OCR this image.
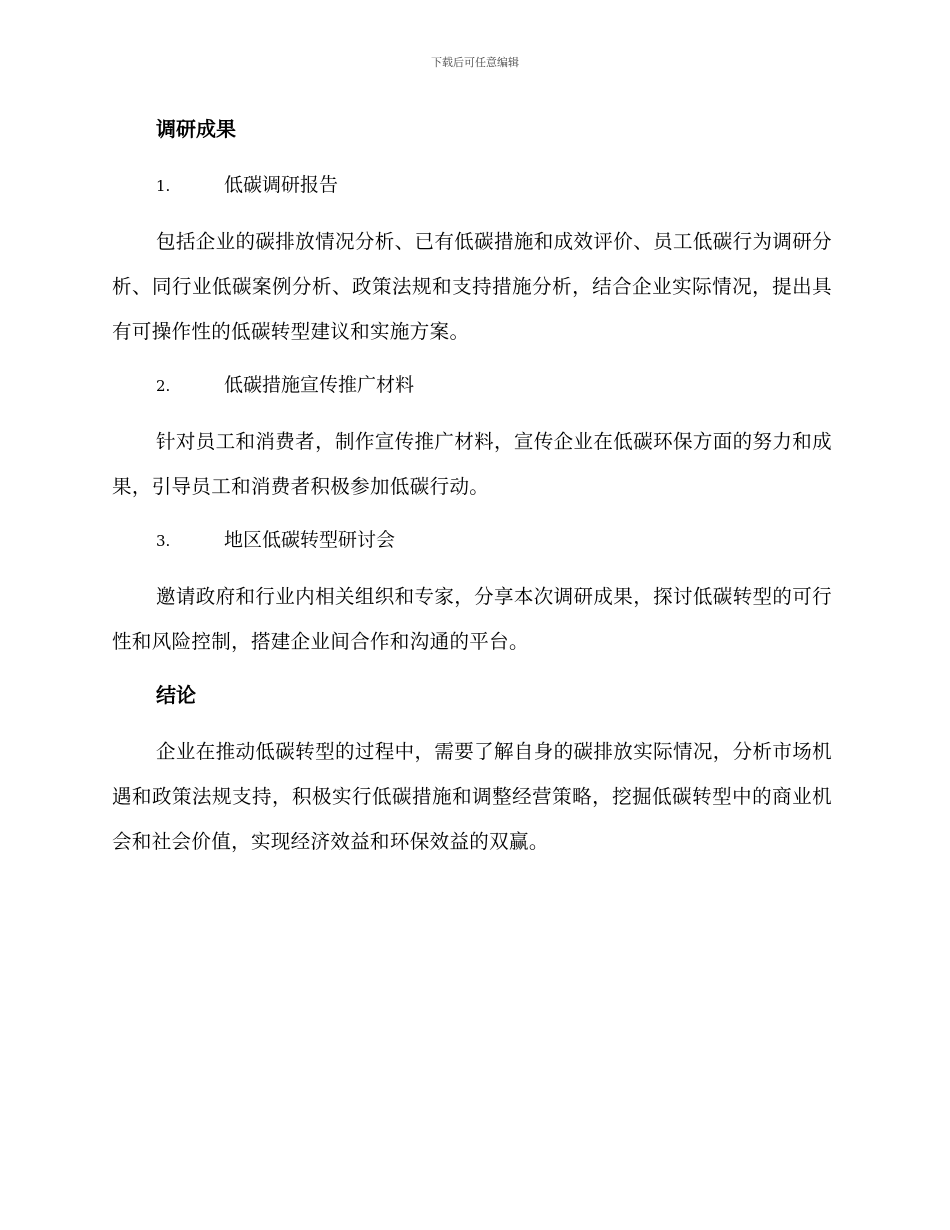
下载后可任意编辑
调研成果
1.	低碳调研报告

包括企业的碳排放情况分析、已有低碳措施和成效评价、员工低碳行为调研分析、同行业低碳案例分析、政策法规和支持措施分析，结合企业实际情况，提出具有可操作性的低碳转型建议和实施方案。

2.	低碳措施宣传推广材料

针对员工和消费者，制作宣传推广材料，宣传企业在低碳环保方面的努力和成果，引导员工和消费者积极参加低碳行动。

3.	地区低碳转型研讨会

邀请政府和行业内相关组织和专家，分享本次调研成果，探讨低碳转型的可行性和风险控制，搭建企业间合作和沟通的平台。

结论

企业在推动低碳转型的过程中，需要了解自身的碳排放实际情况，分析市场机遇和政策法规支持，积极实行低碳措施和调整经营策略，挖掘低碳转型中的商业机会和社会价值，实现经济效益和环保效益的双赢。
